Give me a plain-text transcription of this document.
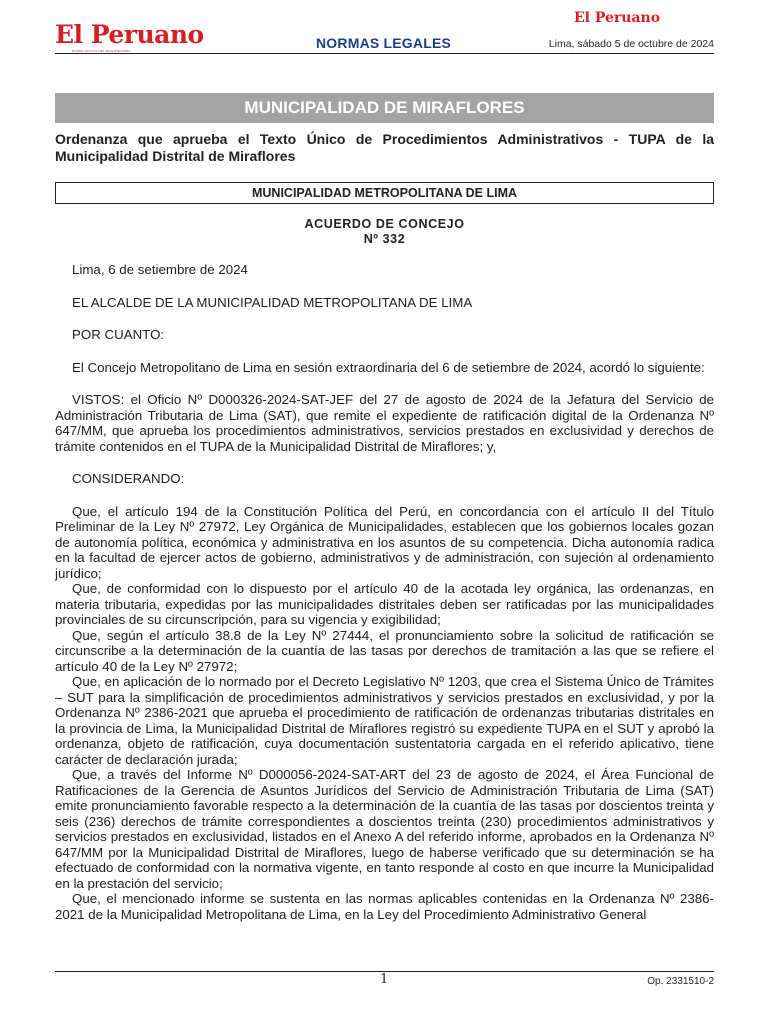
El Peruano
DIARIO OFICIAL DEL BICENTENARIO	NORMAS LEGALES
El Peruano
Lima, sábado 5 de octubre de 2024
MUNICIPALIDAD DE MIRAFLORES
Ordenanza que aprueba el Texto Único de Procedimientos Administrativos - TUPA de la Municipalidad Distrital de Miraflores
MUNICIPALIDAD METROPOLITANA DE LIMA
ACUERDO DE CONCEJO
Nº 332

Lima, 6 de setiembre de 2024

EL ALCALDE DE LA MUNICIPALIDAD METROPOLITANA DE LIMA

POR CUANTO:

El Concejo Metropolitano de Lima en sesión extraordinaria del 6 de setiembre de 2024, acordó lo siguiente:

VISTOS: el Oficio Nº D000326-2024-SAT-JEF del 27 de agosto de 2024 de la Jefatura del Servicio de Administración Tributaria de Lima (SAT), que remite el expediente de ratificación digital de la Ordenanza Nº 647/MM, que aprueba los procedimientos administrativos, servicios prestados en exclusividad y derechos de trámite contenidos en el TUPA de la Municipalidad Distrital de Miraflores; y,

CONSIDERANDO:

Que, el artículo 194 de la Constitución Política del Perú, en concordancia con el artículo II del Título Preliminar de la Ley Nº 27972, Ley Orgánica de Municipalidades, establecen que los gobiernos locales gozan de autonomía política, económica y administrativa en los asuntos de su competencia. Dicha autonomía radica en la facultad de ejercer actos de gobierno, administrativos y de administración, con sujeción al ordenamiento jurídico;

Que, de conformidad con lo dispuesto por el artículo 40 de la acotada ley orgánica, las ordenanzas, en materia tributaria, expedidas por las municipalidades distritales deben ser ratificadas por las municipalidades provinciales de su circunscripción, para su vigencia y exigibilidad;

Que, según el artículo 38.8 de la Ley Nº 27444, el pronunciamiento sobre la solicitud de ratificación se circunscribe a la determinación de la cuantía de las tasas por derechos de tramitación a las que se refiere el artículo 40 de la Ley Nº 27972;

Que, en aplicación de lo normado por el Decreto Legislativo Nº 1203, que crea el Sistema Único de Trámites – SUT para la simplificación de procedimientos administrativos y servicios prestados en exclusividad, y por la Ordenanza Nº 2386-2021 que aprueba el procedimiento de ratificación de ordenanzas tributarias distritales en la provincia de Lima, la Municipalidad Distrital de Miraflores registró su expediente TUPA en el SUT y aprobó la ordenanza, objeto de ratificación, cuya documentación sustentatoria cargada en el referido aplicativo, tiene carácter de declaración jurada;

Que, a través del Informe Nº D000056-2024-SAT-ART del 23 de agosto de 2024, el Área Funcional de Ratificaciones de la Gerencia de Asuntos Jurídicos del Servicio de Administración Tributaria de Lima (SAT) emite pronunciamiento favorable respecto a la determinación de la cuantía de las tasas por doscientos treinta y seis (236) derechos de trámite correspondientes a doscientos treinta (230) procedimientos administrativos y servicios prestados en exclusividad, listados en el Anexo A del referido informe, aprobados en la Ordenanza Nº 647/MM por la Municipalidad Distrital de Miraflores, luego de haberse verificado que su determinación se ha efectuado de conformidad con la normativa vigente, en tanto responde al costo en que incurre la Municipalidad en la prestación del servicio;

Que, el mencionado informe se sustenta en las normas aplicables contenidas en la Ordenanza Nº 2386-2021 de la Municipalidad Metropolitana de Lima, en la Ley del Procedimiento Administrativo General

1	Op. 2331510-2
